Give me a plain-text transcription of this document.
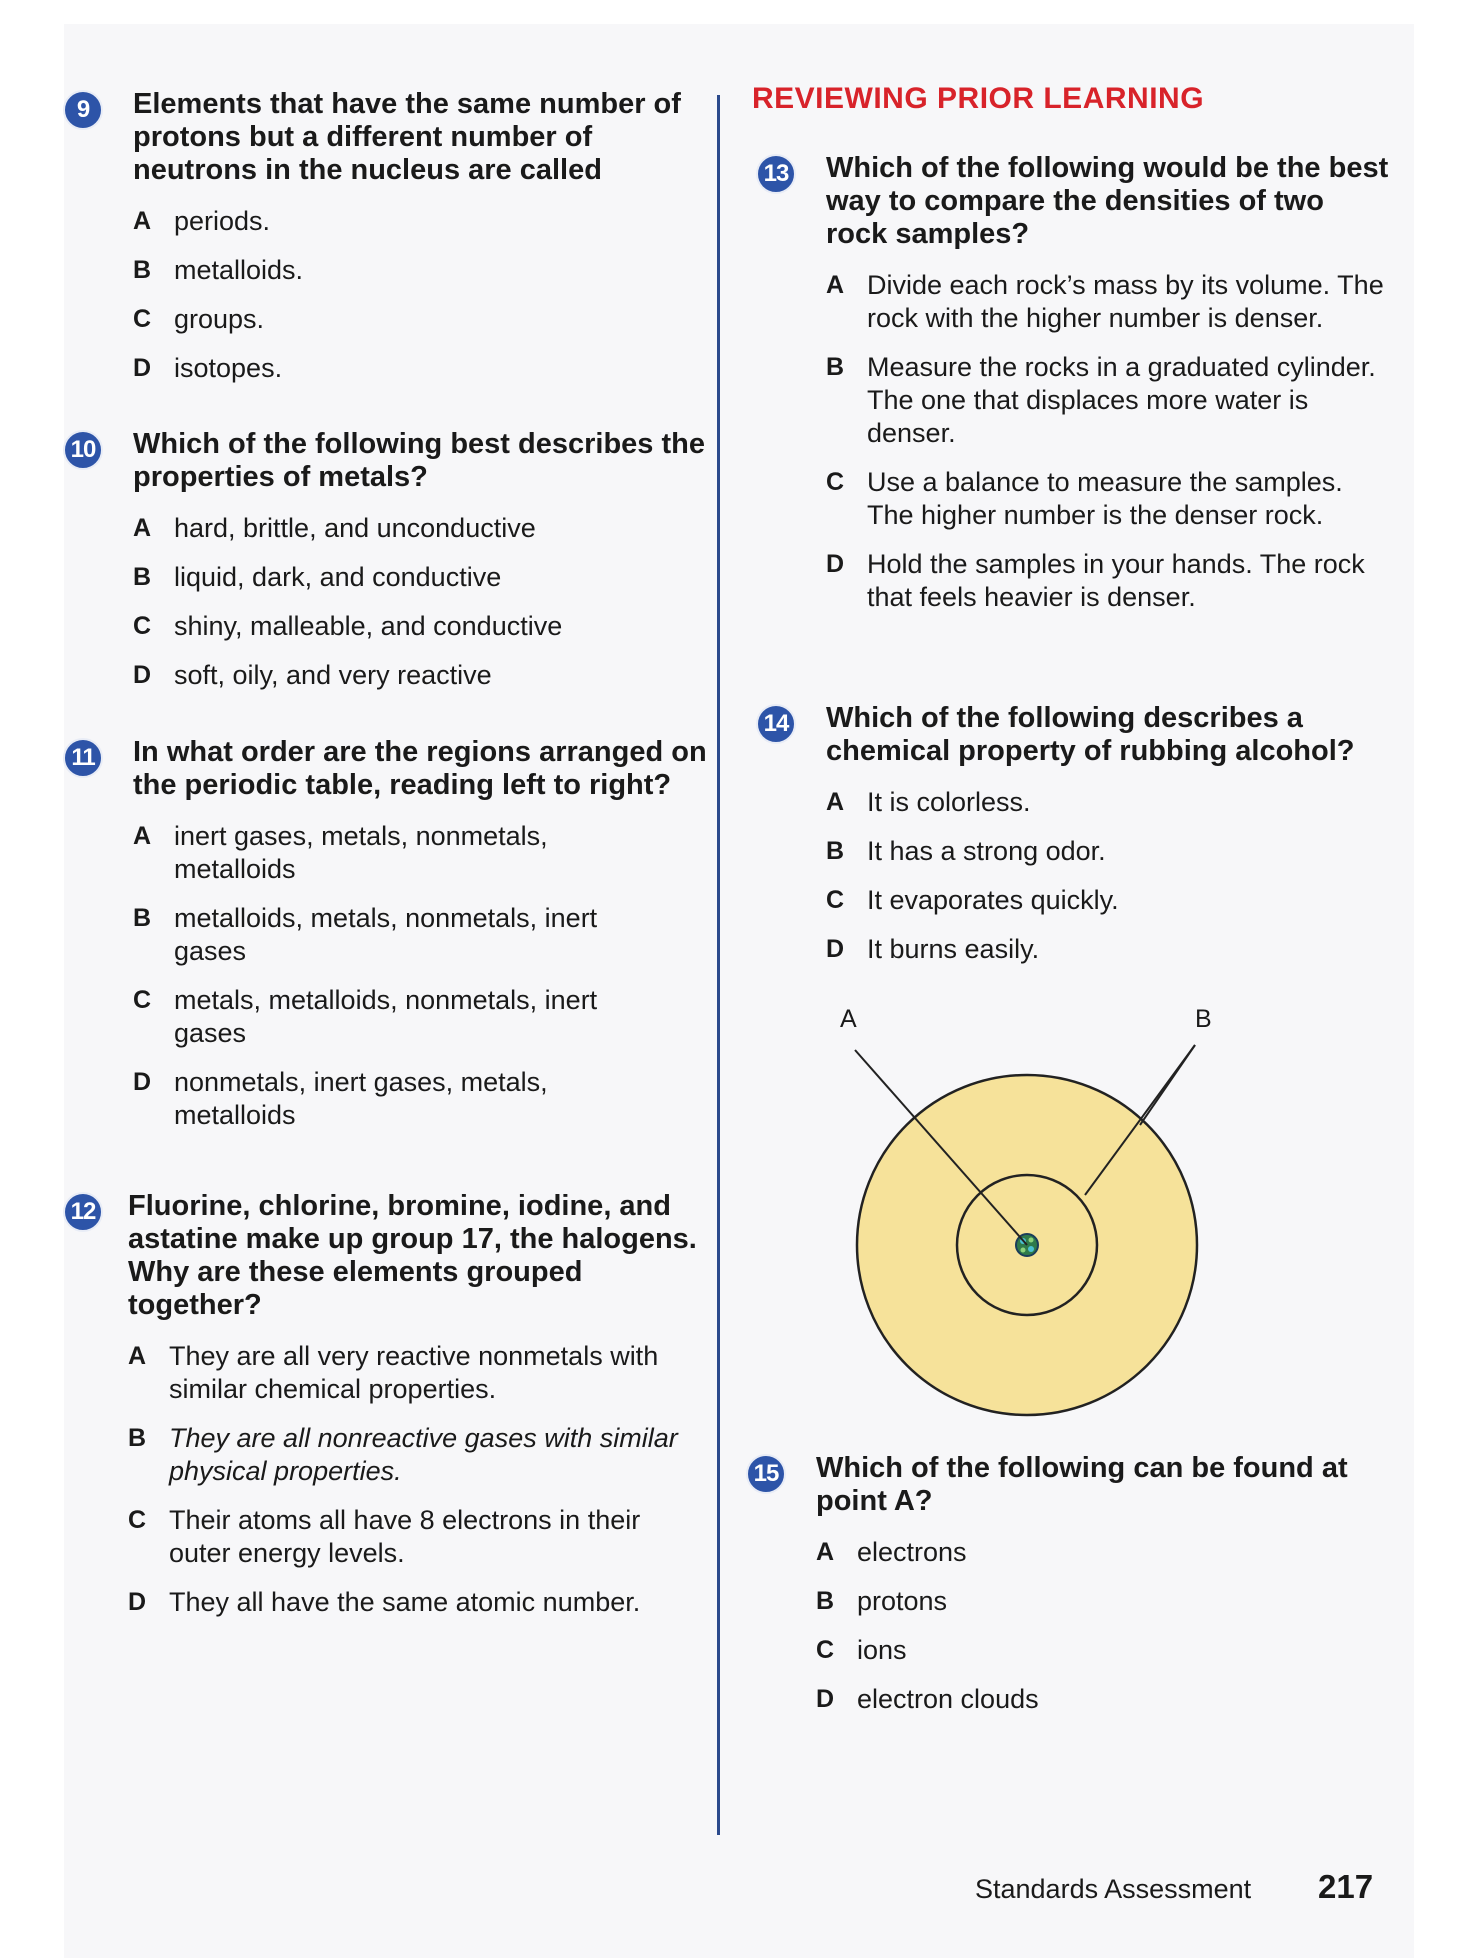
REVIEWING PRIOR LEARNING
9	Elements that have the same number of protons but a different number of neutrons in the nucleus are called

A periods.
B metalloids.
C groups.
D isotopes.
10 Which of the following best describes the properties of metals?

A hard, brittle, and unconductive
B liquid, dark, and conductive
C shiny, malleable, and conductive
D soft, oily, and very reactive
11 In what order are the regions arranged on the periodic table, reading left to right?

A inert gases, metals, nonmetals, metalloids
B metalloids, metals, nonmetals, inert gases
C metals, metalloids, nonmetals, inert gases
D nonmetals, inert gases, metals, metalloids
12 Fluorine, chlorine, bromine, iodine, and astatine make up group 17, the halogens. Why are these elements grouped together?

A They are all very reactive nonmetals with similar chemical properties.
B They are all nonreactive gases with similar physical properties.
C Their atoms all have 8 electrons in their outer energy levels.
D They all have the same atomic number.
13 Which of the following would be the best way to compare the densities of two rock samples?

A Divide each rock’s mass by its volume. The rock with the higher number is denser.
B Measure the rocks in a graduated cylinder. The one that displaces more water is denser.
C Use a balance to measure the samples. The higher number is the denser rock.
D Hold the samples in your hands. The rock that feels heavier is denser.
14 Which of the following describes a chemical property of rubbing alcohol?

A It is colorless.
B It has a strong odor.
C It evaporates quickly.
D It burns easily.
A	B
15 Which of the following can be found at point A?

A electrons
B protons
C ions
D electron clouds
Standards Assessment 217
